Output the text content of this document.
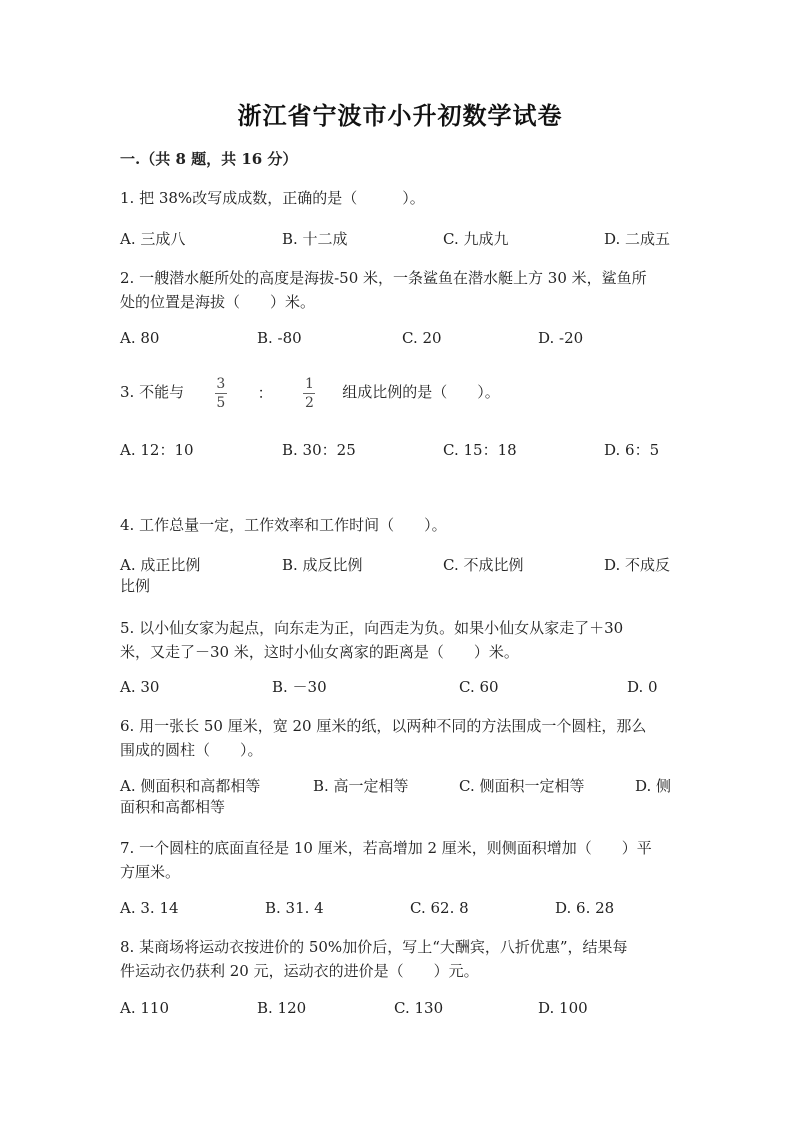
浙江省宁波市小升初数学试卷
一.（共 8 题，共 16 分）
1. 把 38%改写成成数，正确的是（　　　）。
A. 三成八	B. 十二成	C. 九成九	D. 二成五
2. 一艘潜水艇所处的高度是海拔-50 米，一条鲨鱼在潜水艇上方 30 米，鲨鱼所
处的位置是海拔（　　）米。
A. 80	B. -80	C. 20	D. -20
3. 不能与 $\frac{3}{5}$ ： $\frac{1}{2}$ 组成比例的是（　　）。
A. 12：10	B. 30：25	C. 15：18	D. 6：5
4. 工作总量一定，工作效率和工作时间（　　）。
A. 成正比例	B. 成反比例	C. 不成比例	D. 不成反
比例
5. 以小仙女家为起点，向东走为正，向西走为负。如果小仙女从家走了＋30
米，又走了－30 米，这时小仙女离家的距离是（　　）米。
A. 30	B. －30	C. 60	D. 0
6. 用一张长 50 厘米，宽 20 厘米的纸，以两种不同的方法围成一个圆柱，那么
围成的圆柱（　　）。
A. 侧面积和高都相等	B. 高一定相等	C. 侧面积一定相等	D. 侧
面积和高都相等
7. 一个圆柱的底面直径是 10 厘米，若高增加 2 厘米，则侧面积增加（　　）平
方厘米。
A. 3. 14	B. 31. 4	C. 62. 8	D. 6. 28
8. 某商场将运动衣按进价的 50%加价后，写上“大酬宾，八折优惠”，结果每
件运动衣仍获利 20 元，运动衣的进价是（　　）元。
A. 110	B. 120	C. 130	D. 100
